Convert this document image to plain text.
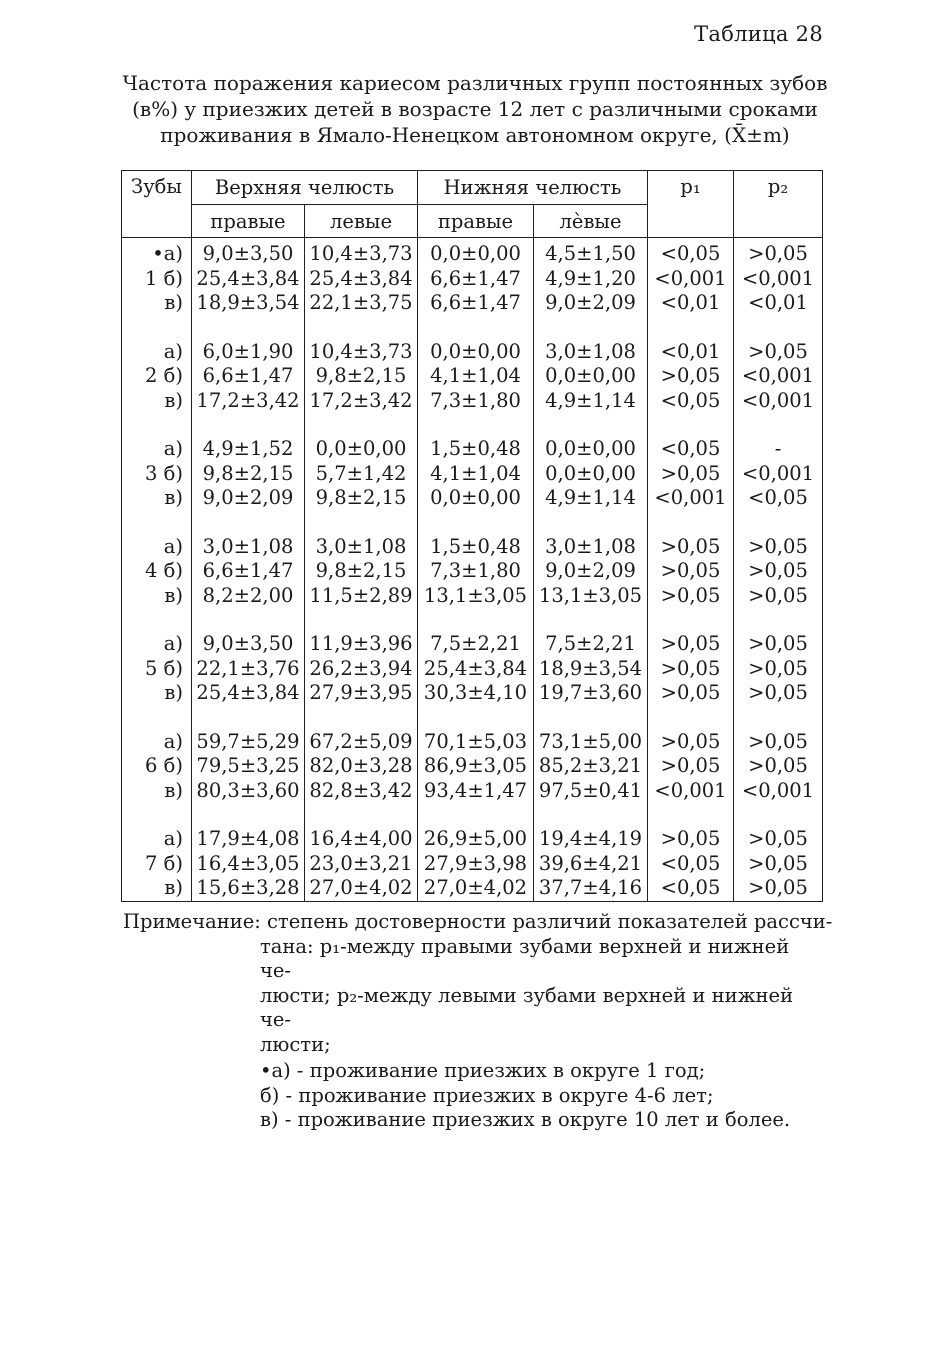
Таблица 28
Частота поражения кариесом различных групп постоянных зубов
(в%) у приезжих детей в возрасте 12 лет с различными сроками
проживания в Ямало-Ненецком автономном округе, (X̄±m)
Зубы	Верхняя челюсть		Нижняя челюсть		p₁	p₂
	правые	левые	правые	лѐвые		
•а)	9,0±3,50	10,4±3,73	0,0±0,00	4,5±1,50	<0,05	>0,05
1 б)	25,4±3,84	25,4±3,84	6,6±1,47	4,9±1,20	<0,001	<0,001
в)	18,9±3,54	22,1±3,75	6,6±1,47	9,0±2,09	<0,01	<0,01

а)	6,0±1,90	10,4±3,73	0,0±0,00	3,0±1,08	<0,01	>0,05
2 б)	6,6±1,47	9,8±2,15	4,1±1,04	0,0±0,00	>0,05	<0,001
в)	17,2±3,42	17,2±3,42	7,3±1,80	4,9±1,14	<0,05	<0,001

а)	4,9±1,52	0,0±0,00	1,5±0,48	0,0±0,00	<0,05	-
3 б)	9,8±2,15	5,7±1,42	4,1±1,04	0,0±0,00	>0,05	<0,001
в)	9,0±2,09	9,8±2,15	0,0±0,00	4,9±1,14	<0,001	<0,05

а)	3,0±1,08	3,0±1,08	1,5±0,48	3,0±1,08	>0,05	>0,05
4 б)	6,6±1,47	9,8±2,15	7,3±1,80	9,0±2,09	>0,05	>0,05
в)	8,2±2,00	11,5±2,89	13,1±3,05	13,1±3,05	>0,05	>0,05

а)	9,0±3,50	11,9±3,96	7,5±2,21	7,5±2,21	>0,05	>0,05
5 б)	22,1±3,76	26,2±3,94	25,4±3,84	18,9±3,54	>0,05	>0,05
в)	25,4±3,84	27,9±3,95	30,3±4,10	19,7±3,60	>0,05	>0,05

а)	59,7±5,29	67,2±5,09	70,1±5,03	73,1±5,00	>0,05	>0,05
6 б)	79,5±3,25	82,0±3,28	86,9±3,05	85,2±3,21	>0,05	>0,05
в)	80,3±3,60	82,8±3,42	93,4±1,47	97,5±0,41	<0,001	<0,001

а)	17,9±4,08	16,4±4,00	26,9±5,00	19,4±4,19	>0,05	>0,05
7 б)	16,4±3,05	23,0±3,21	27,9±3,98	39,6±4,21	<0,05	>0,05
в)	15,6±3,28	27,0±4,02	27,0±4,02	37,7±4,16	<0,05	>0,05
Примечание: степень достоверности различий показателей рассчи-
тана: p₁-между правыми зубами верхней и нижней че-
люсти; p₂-между левыми зубами верхней и нижней че-
люсти;
•а) - проживание приезжих в округе 1 год;
б) - проживание приезжих в округе 4-6 лет;
в) - проживание приезжих в округе 10 лет и более.
